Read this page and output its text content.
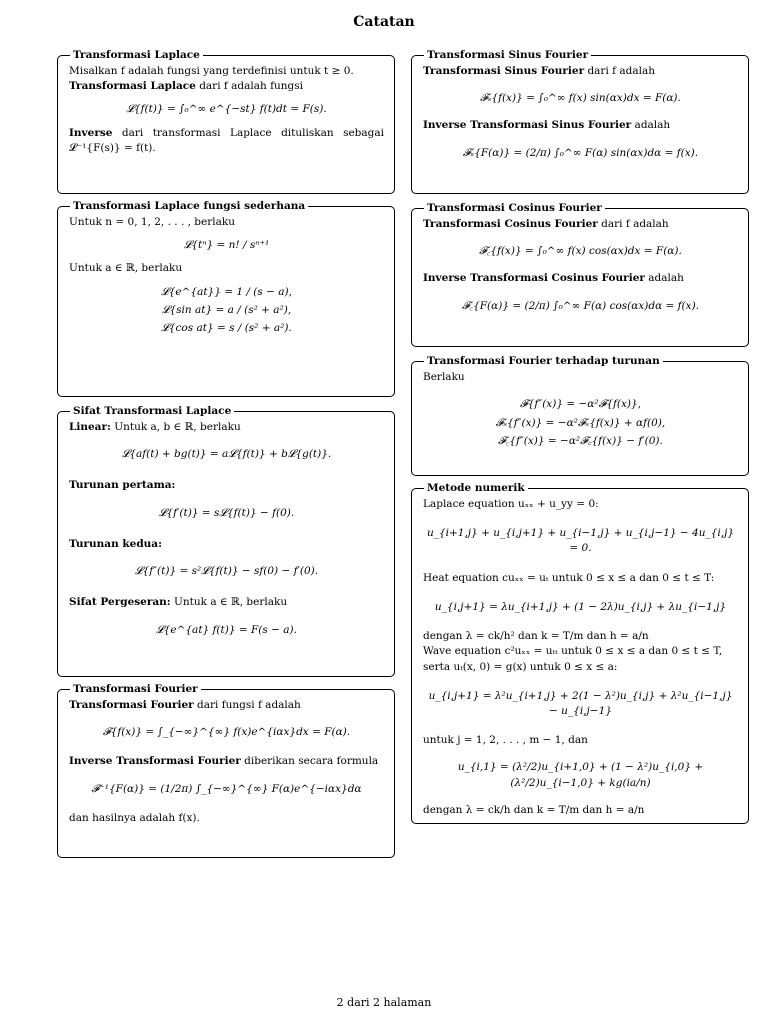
Catatan
Transformasi Laplace

Misalkan f adalah fungsi yang terdefinisi untuk t ≥ 0.

Transformasi Laplace dari f adalah fungsi

𝓛{f(t)} = ∫₀^∞ e^{−st} f(t)dt = F(s).

Inverse dari transformasi Laplace dituliskan sebagai 𝓛⁻¹{F(s)} = f(t).

Transformasi Laplace fungsi sederhana

Untuk n = 0, 1, 2, . . . , berlaku

𝓛{tⁿ} = n! / sⁿ⁺¹

Untuk a ∈ ℝ, berlaku

𝓛{e^{at}} = 1 / (s − a),
𝓛{sin at} = a / (s² + a²),
𝓛{cos at} = s / (s² + a²).
Sifat Transformasi Laplace

Linear: Untuk a, b ∈ ℝ, berlaku

𝓛{af(t) + bg(t)} = a𝓛{f(t)} + b𝓛{g(t)}.

Turunan pertama:

𝓛{f′(t)} = s𝓛{f(t)} − f(0).

Turunan kedua:

𝓛{f″(t)} = s²𝓛{f(t)} − sf(0) − f′(0).

Sifat Pergeseran: Untuk a ∈ ℝ, berlaku

𝓛{e^{at} f(t)} = F(s − a).
Transformasi Fourier

Transformasi Fourier dari fungsi f adalah

𝓕{f(x)} = ∫_{−∞}^{∞} f(x)e^{iαx}dx = F(α).

Inverse Transformasi Fourier diberikan secara formula

𝓕⁻¹{F(α)} = (1/2π) ∫_{−∞}^{∞} F(α)e^{−iαx}dα

dan hasilnya adalah f(x).

Transformasi Sinus Fourier

Transformasi Sinus Fourier dari f adalah

𝓕ₛ{f(x)} = ∫₀^∞ f(x) sin(αx)dx = F(α).

Inverse Transformasi Sinus Fourier adalah

𝓕ₛ{F(α)} = (2/π) ∫₀^∞ F(α) sin(αx)dα = f(x).
Transformasi Cosinus Fourier

Transformasi Cosinus Fourier dari f adalah

𝓕꜀{f(x)} = ∫₀^∞ f(x) cos(αx)dx = F(α).

Inverse Transformasi Cosinus Fourier adalah

𝓕꜀{F(α)} = (2/π) ∫₀^∞ F(α) cos(αx)dα = f(x).
Transformasi Fourier terhadap turunan

Berlaku

𝓕{f″(x)} = −α²𝓕{f(x)},
𝓕ₛ{f″(x)} = −α²𝓕ₛ{f(x)} + αf(0),
𝓕꜀{f″(x)} = −α²𝓕꜀{f(x)} − f′(0).
Metode numerik

Laplace equation uₓₓ + u_yy = 0:

u_{i+1,j} + u_{i,j+1} + u_{i−1,j} + u_{i,j−1} − 4u_{i,j} = 0.

Heat equation cuₓₓ = uₜ untuk 0 ≤ x ≤ a dan 0 ≤ t ≤ T:

u_{i,j+1} = λu_{i+1,j} + (1 − 2λ)u_{i,j} + λu_{i−1,j}

dengan λ = ck/h² dan k = T/m dan h = a/n

Wave equation c²uₓₓ = uₜₜ untuk 0 ≤ x ≤ a dan 0 ≤ t ≤ T,

serta uₜ(x, 0) = g(x) untuk 0 ≤ x ≤ a:

u_{i,j+1} = λ²u_{i+1,j} + 2(1 − λ²)u_{i,j} + λ²u_{i−1,j} − u_{i,j−1}

untuk j = 1, 2, . . . , m − 1, dan

u_{i,1} = (λ²/2)u_{i+1,0} + (1 − λ²)u_{i,0} + (λ²/2)u_{i−1,0} + kg(ia/n)

dengan λ = ck/h dan k = T/m dan h = a/n

2 dari 2 halaman
